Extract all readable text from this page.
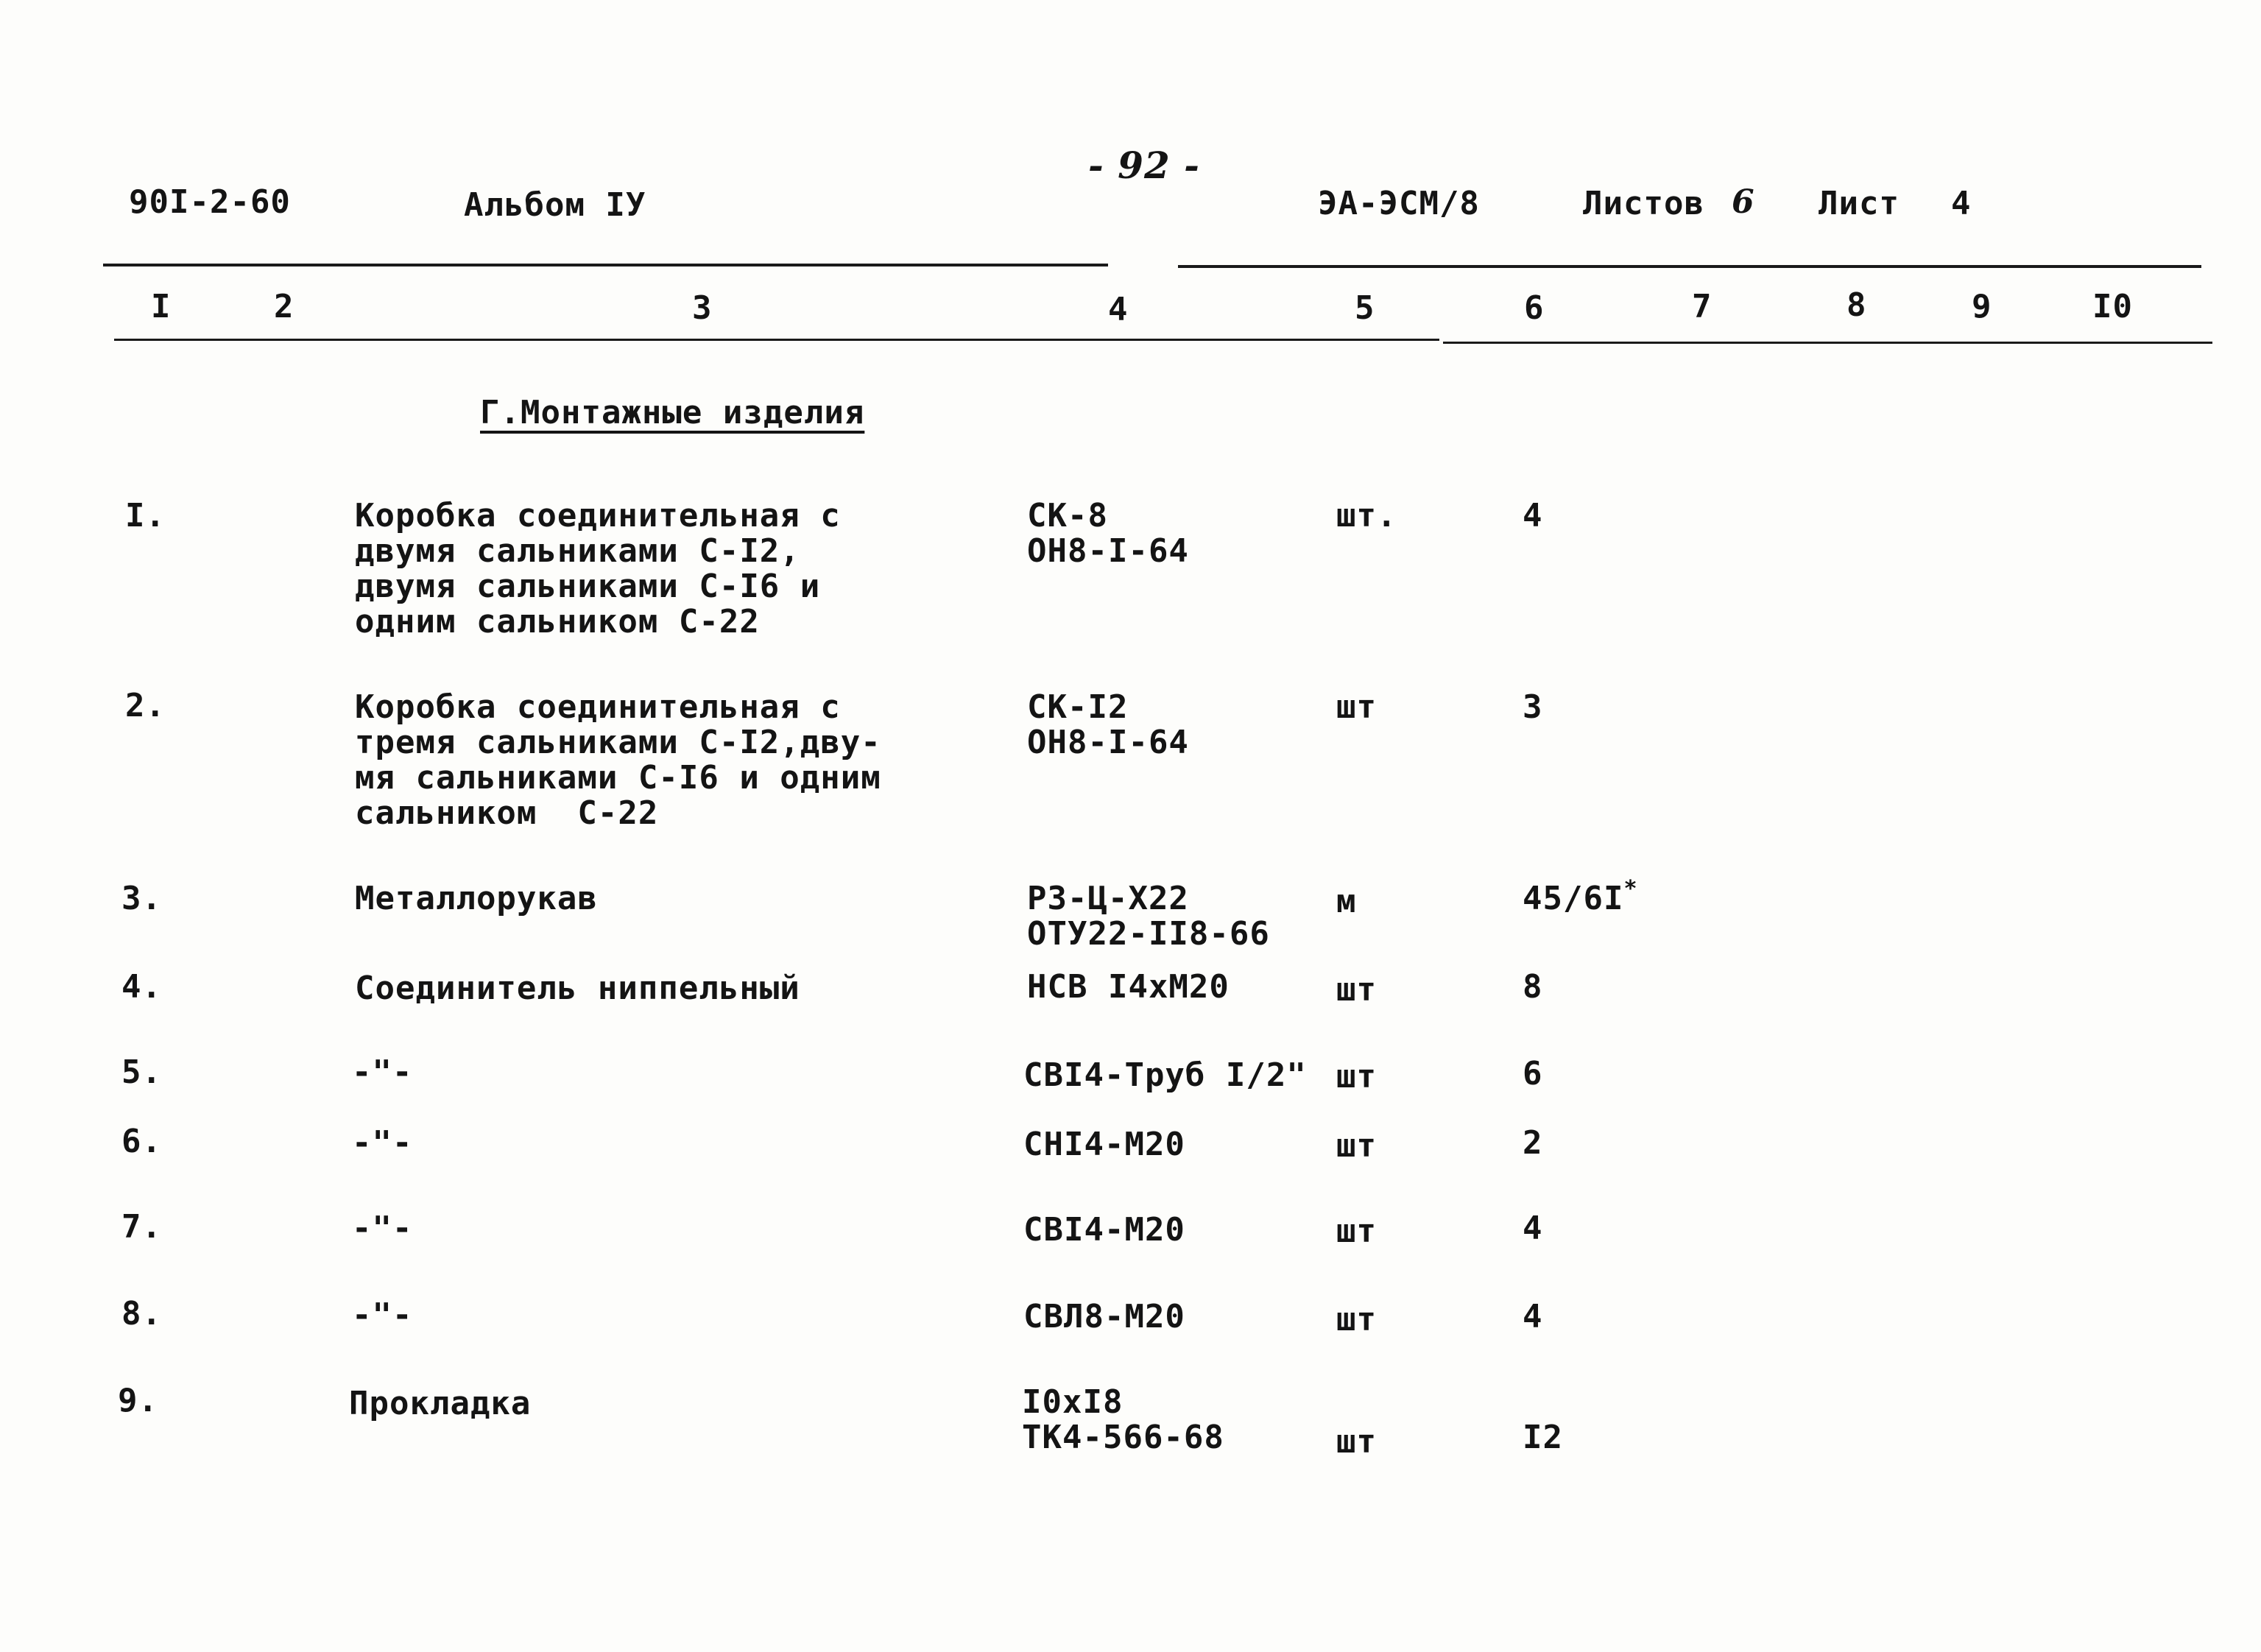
90I-2-60	Альбом IУ
- 92 -
ЭА-ЭСМ/8	Листов 6 Лист 4
I	2	3	4	5	6	7	8	9	I0
Г.Монтажные изделия
I.	Коробка соединительная с
двумя сальниками С-I2,
двумя сальниками С-I6 и
одним сальником С-22
СК-8
ОН8-I-64
шт.	4
2.	Коробка соединительная с
тремя сальниками С-I2,дву-
мя сальниками С-I6 и одним
сальником  С-22
СК-I2
ОН8-I-64
шт	3
3.	Металлорукав	РЗ-Ц-Х22
ОТУ22-II8-66
м	45/6I*
4.	Соединитель ниппельный	НСВ I4хМ20	шт	8
5.	-"-	СВI4-Труб I/2" шт	6
6.	-"-	СНI4-М20	шт	2
7.	-"-	СВI4-М20	шт	4
8.	-"-	СВЛ8-М20	шт	4
9.	Прокладка	I0хI8
ТК4-566-68	шт	I2
